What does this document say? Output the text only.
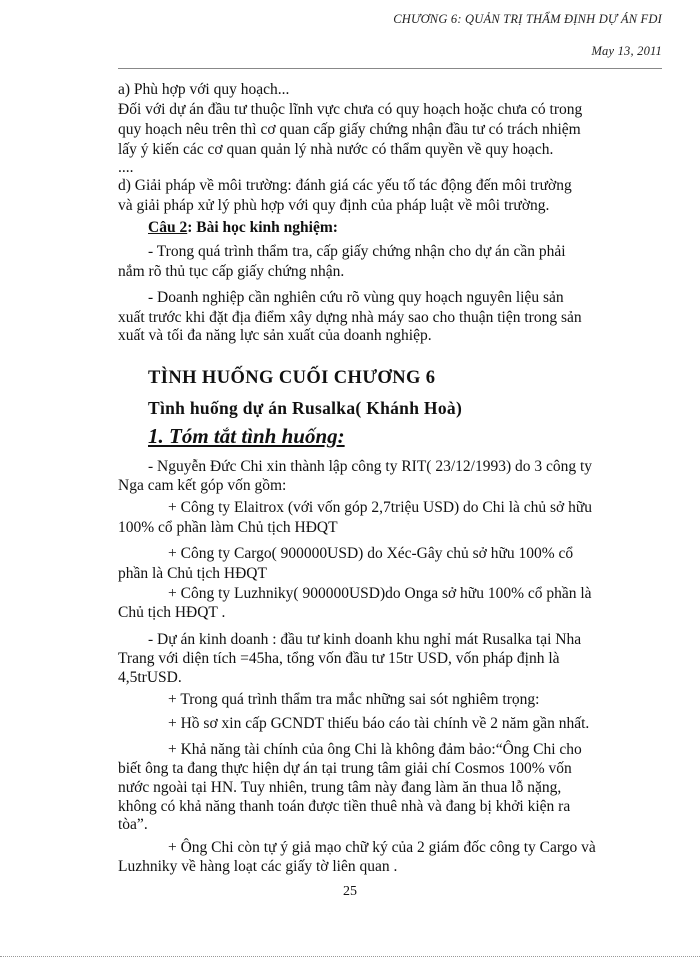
CHƯƠNG 6: QUẢN TRỊ THẨM ĐỊNH DỰ ÁN FDI
May 13, 2011
a) Phù hợp với quy hoạch...
Đối với dự án đầu tư thuộc lĩnh vực chưa có quy hoạch hoặc chưa có trong
quy hoạch nêu trên thì cơ quan cấp giấy chứng nhận đầu tư có trách nhiệm
lấy ý kiến các cơ quan quản lý nhà nước có thẩm quyền về quy hoạch.
....
d) Giải pháp về môi trường: đánh giá các yếu tố tác động đến môi trường
và giải pháp xử lý phù hợp với quy định của pháp luật về môi trường.
Câu 2: Bài học kinh nghiệm:
- Trong quá trình thẩm tra, cấp giấy chứng nhận cho dự án cần phải
nắm rõ thủ tục cấp giấy chứng nhận.
- Doanh nghiệp cần nghiên cứu rõ vùng quy hoạch nguyên liệu sản
xuất trước khi đặt địa điểm xây dựng nhà máy sao cho thuận tiện trong sản
xuất và tối đa năng lực sản xuất của doanh nghiệp.
TÌNH HUỐNG CUỐI CHƯƠNG 6
Tình huống dự án Rusalka( Khánh Hoà)
1. Tóm tắt tình huống:
- Nguyễn Đức Chi xin thành lập công ty RIT( 23/12/1993) do 3 công ty
Nga cam kết góp vốn gồm:
+ Công ty Elaitrox (với vốn góp 2,7triệu USD) do Chi là chủ sở hữu
100% cổ phần làm Chủ tịch HĐQT
+ Công ty Cargo( 900000USD) do Xéc-Gây chủ sở hữu 100% cổ
phần là Chủ tịch HĐQT
+ Công ty Luzhniky( 900000USD)do Onga sở hữu 100% cổ phần là
Chủ tịch HĐQT .
- Dự án kinh doanh : đầu tư kinh doanh khu nghỉ mát Rusalka tại Nha
Trang với diện tích =45ha, tổng vốn đầu tư 15tr USD, vốn pháp định là
4,5trUSD.
+ Trong quá trình thẩm tra mắc những sai sót nghiêm trọng:
+ Hồ sơ xin cấp GCNDT thiếu báo cáo tài chính về 2 năm gần nhất.
+ Khả năng tài chính của ông Chi là không đảm bảo:“Ông Chi cho
biết ông ta đang thực hiện dự án tại trung tâm giải chí Cosmos 100% vốn
nước ngoài tại HN. Tuy nhiên, trung tâm này đang làm ăn thua lỗ nặng,
không có khả năng thanh toán được tiền thuê nhà và đang bị khởi kiện ra
tòa”.
+ Ông Chi còn tự ý giả mạo chữ ký của 2 giám đốc công ty Cargo và
Luzhniky về hàng loạt các giấy tờ liên quan .
25
